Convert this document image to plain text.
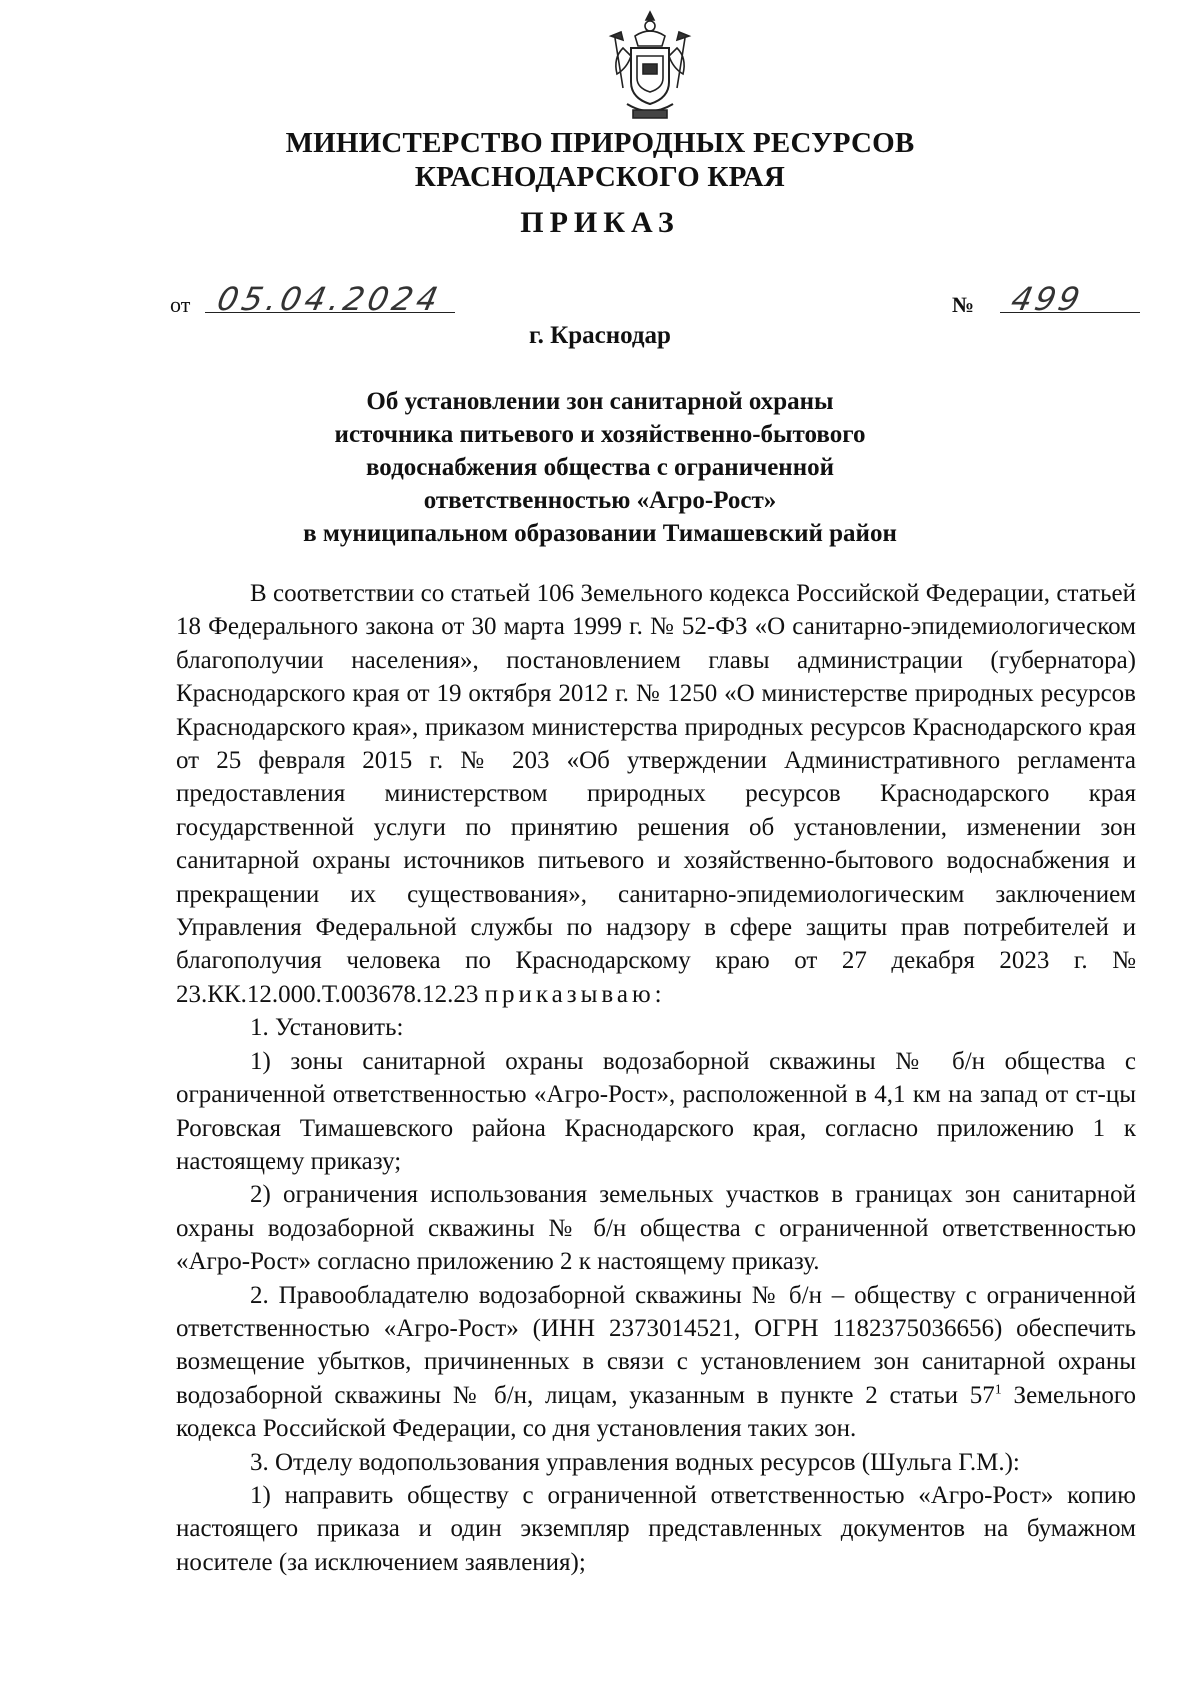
МИНИСТЕРСТВО ПРИРОДНЫХ РЕСУРСОВ
КРАСНОДАРСКОГО КРАЯ
ПРИКАЗ
от 05.04.2024	№ 499
г. Краснодар
Об установлении зон санитарной охраны
источника питьевого и хозяйственно-бытового
водоснабжения общества с ограниченной
ответственностью «Агро-Рост»
в муниципальном образовании Тимашевский район

В соответствии со статьей 106 Земельного кодекса Российской Федерации, статьей 18 Федерального закона от 30 марта 1999 г. № 52-ФЗ «О санитарно-эпидемиологическом благополучии населения», постановлением главы администрации (губернатора) Краснодарского края от 19 октября 2012 г. № 1250 «О министерстве природных ресурсов Краснодарского края», приказом министерства природных ресурсов Краснодарского края от 25 февраля 2015 г. № 203 «Об утверждении Административного регламента предоставления министерством природных ресурсов Краснодарского края государственной услуги по принятию решения об установлении, изменении зон санитарной охраны источников питьевого и хозяйственно-бытового водоснабжения и прекращении их существования», санитарно-эпидемиологическим заключением Управления Федеральной службы по надзору в сфере защиты прав потребителей и благополучия человека по Краснодарскому краю от 27 декабря 2023 г. № 23.КК.12.000.Т.003678.12.23 приказываю:

1. Установить:

1) зоны санитарной охраны водозаборной скважины № б/н общества с ограниченной ответственностью «Агро-Рост», расположенной в 4,1 км на запад от ст-цы Роговская Тимашевского района Краснодарского края, согласно приложению 1 к настоящему приказу;

2) ограничения использования земельных участков в границах зон санитарной охраны водозаборной скважины № б/н общества с ограниченной ответственностью «Агро-Рост» согласно приложению 2 к настоящему приказу.

2. Правообладателю водозаборной скважины № б/н – обществу с ограниченной ответственностью «Агро-Рост» (ИНН 2373014521, ОГРН 1182375036656) обеспечить возмещение убытков, причиненных в связи с установлением зон санитарной охраны водозаборной скважины № б/н, лицам, указанным в пункте 2 статьи $57^1$ Земельного кодекса Российской Федерации, со дня установления таких зон.

3. Отделу водопользования управления водных ресурсов (Шульга Г.М.):

1) направить обществу с ограниченной ответственностью «Агро-Рост» копию настоящего приказа и один экземпляр представленных документов на бумажном носителе (за исключением заявления);
